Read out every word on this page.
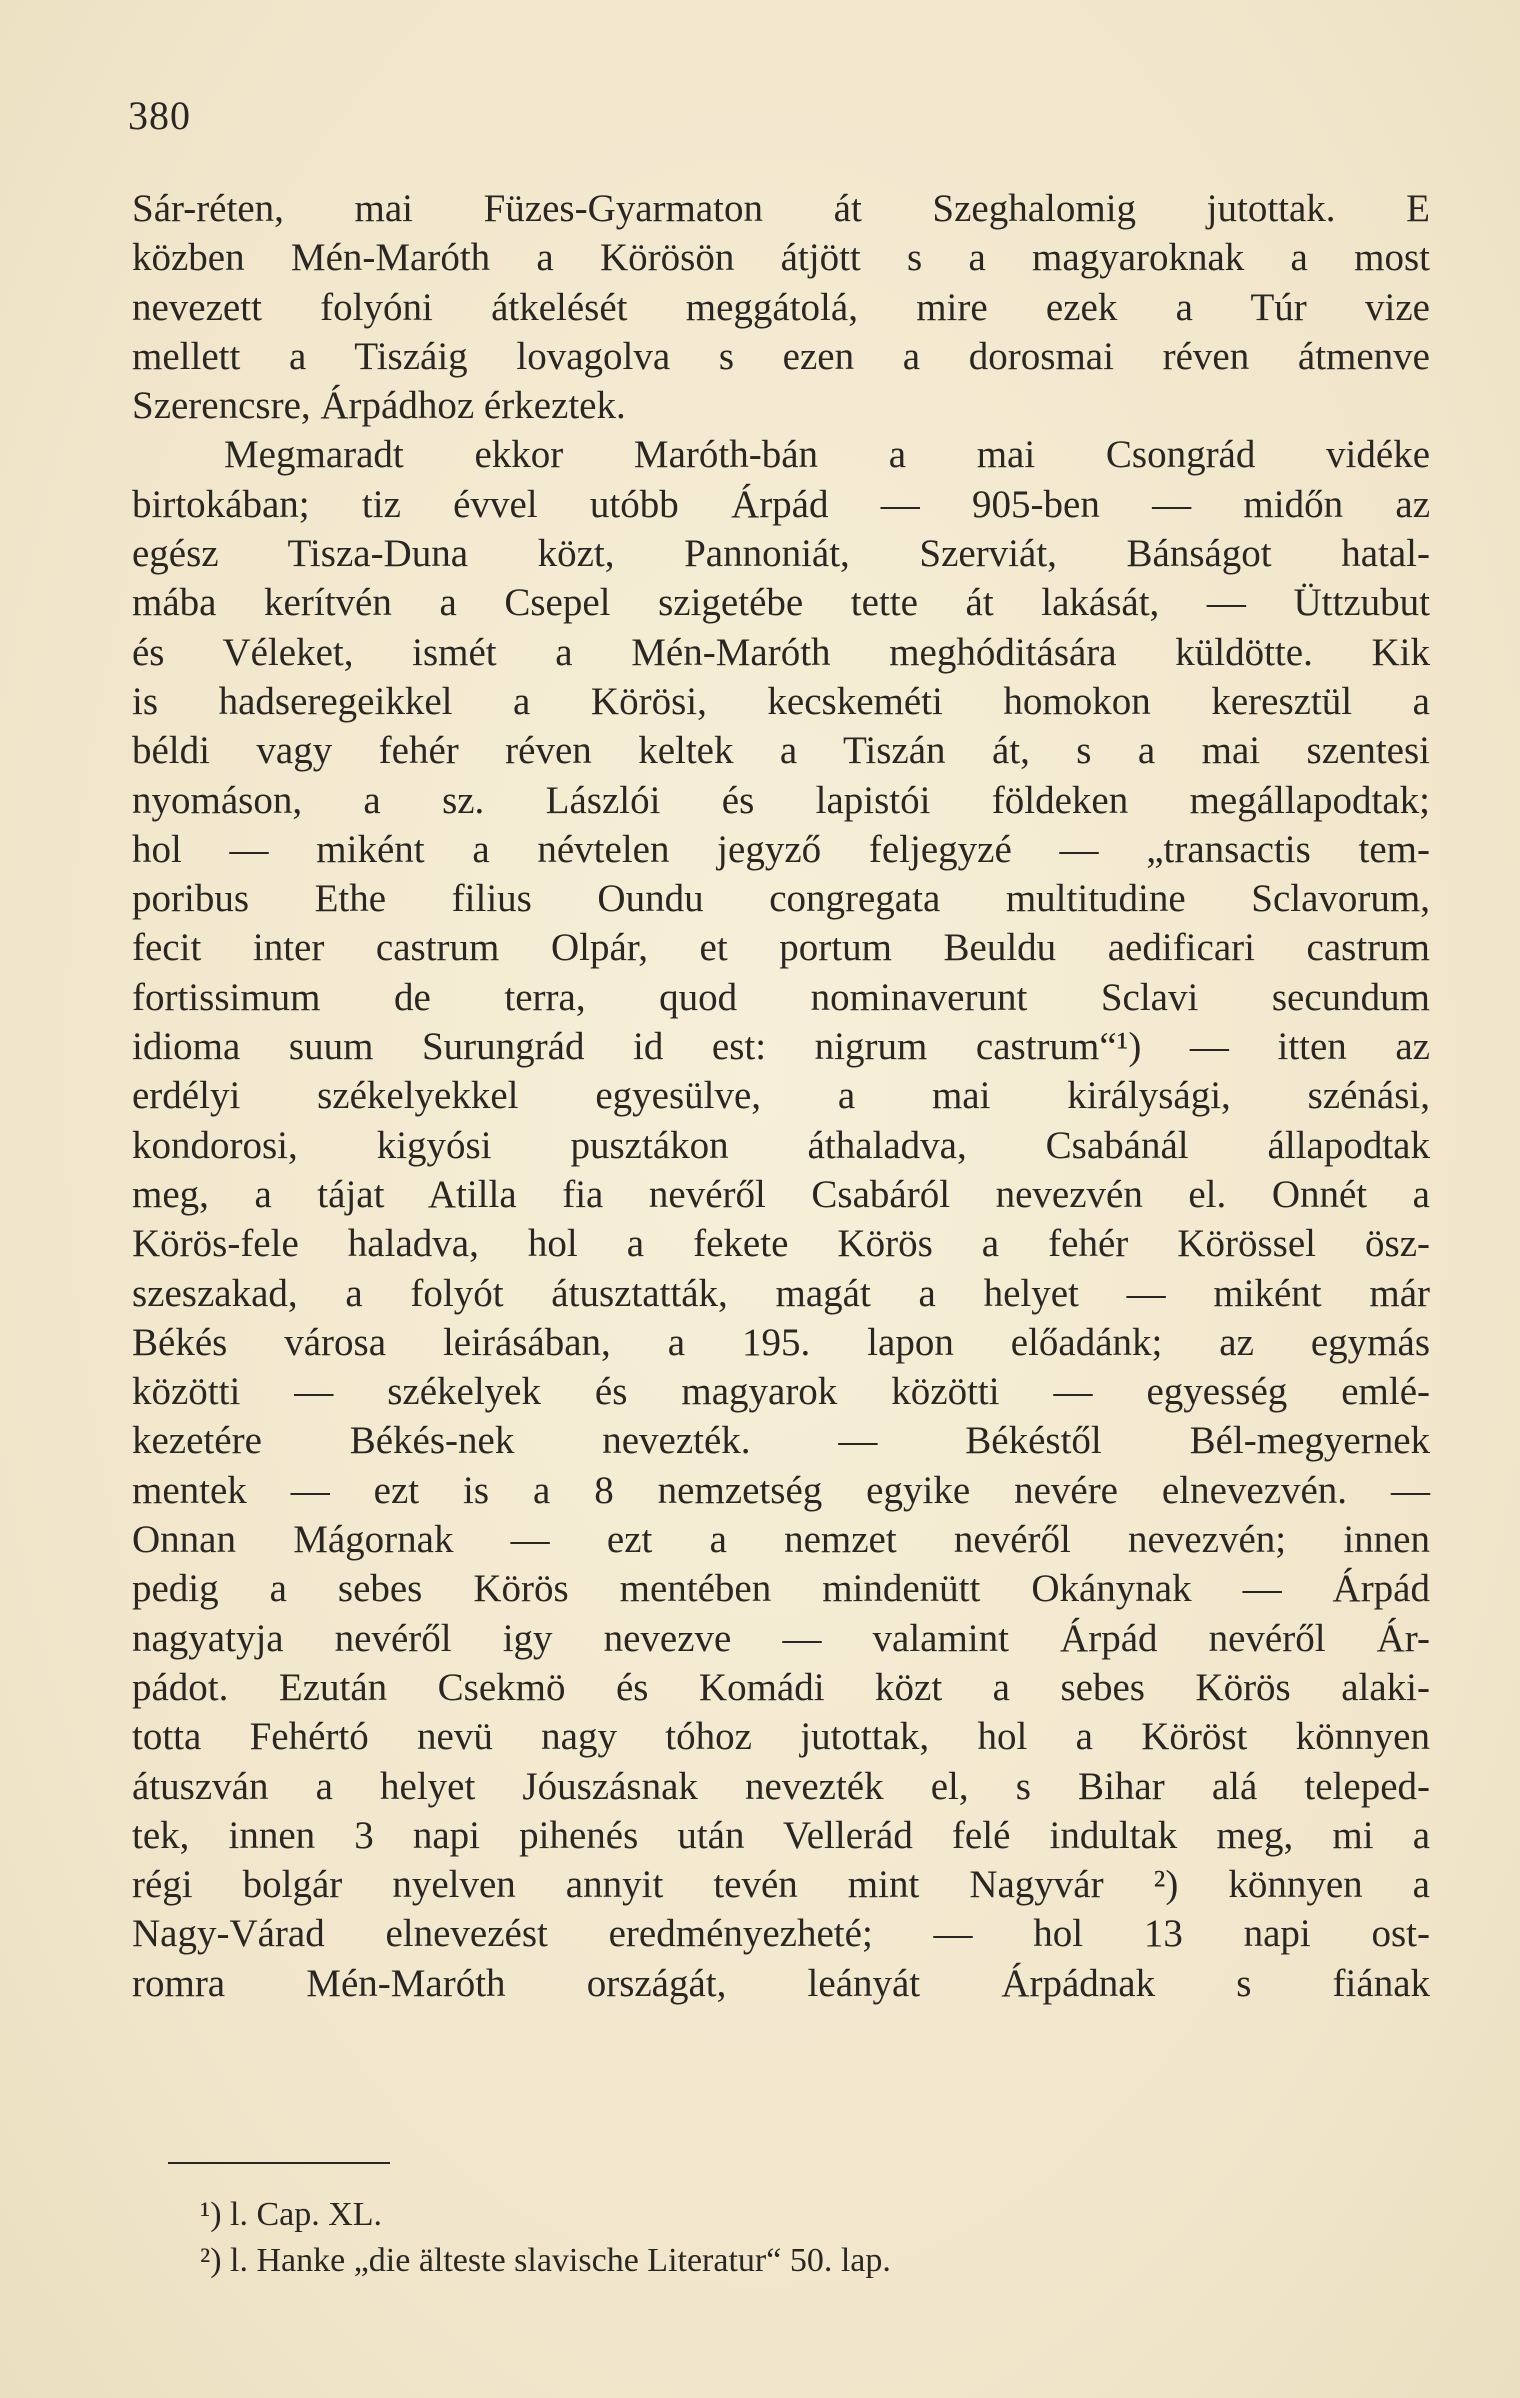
380
Sár-réten, mai Füzes-Gyarmaton át Szeghalomig jutottak. E
közben Mén-Maróth a Körösön átjött s a magyaroknak a most
nevezett folyóni átkelését meggátolá, mire ezek a Túr vize
mellett a Tiszáig lovagolva s ezen a dorosmai réven átmenve
Szerencsre, Árpádhoz érkeztek.
Megmaradt ekkor Maróth-bán a mai Csongrád vidéke
birtokában; tiz évvel utóbb Árpád — 905-ben — midőn az
egész Tisza-Duna közt, Pannoniát, Szerviát, Bánságot hatal-
mába kerítvén a Csepel szigetébe tette át lakását, — Üttzubut
és Véleket, ismét a Mén-Maróth meghóditására küldötte. Kik
is hadseregeikkel a Körösi, kecskeméti homokon keresztül a
béldi vagy fehér réven keltek a Tiszán át, s a mai szentesi
nyomáson, a sz. Lászlói és lapistói földeken megállapodtak;
hol — miként a névtelen jegyző feljegyzé — „transactis tem-
poribus Ethe filius Oundu congregata multitudine Sclavorum,
fecit inter castrum Olpár, et portum Beuldu aedificari castrum
fortissimum de terra, quod nominaverunt Sclavi secundum
idioma suum Surungrád id est: nigrum castrum“¹) — itten az
erdélyi székelyekkel egyesülve, a mai királysági, szénási,
kondorosi, kigyósi pusztákon áthaladva, Csabánál állapodtak
meg, a tájat Atilla fia nevéről Csabáról nevezvén el. Onnét a
Körös-fele haladva, hol a fekete Körös a fehér Körössel ösz-
szeszakad, a folyót átusztatták, magát a helyet — miként már
Békés városa leirásában, a 195. lapon előadánk; az egymás
közötti — székelyek és magyarok közötti — egyesség emlé-
kezetére Békés-nek nevezték. — Békéstől Bél-megyernek
mentek — ezt is a 8 nemzetség egyike nevére elnevezvén. —
Onnan Mágornak — ezt a nemzet nevéről nevezvén; innen
pedig a sebes Körös mentében mindenütt Okánynak — Árpád
nagyatyja nevéről igy nevezve — valamint Árpád nevéről Ár-
pádot. Ezután Csekmö és Komádi közt a sebes Körös alaki-
totta Fehértó nevü nagy tóhoz jutottak, hol a Köröst könnyen
átuszván a helyet Jóuszásnak nevezték el, s Bihar alá teleped-
tek, innen 3 napi pihenés után Vellerád felé indultak meg, mi a
régi bolgár nyelven annyit tevén mint Nagyvár ²) könnyen a
Nagy-Várad elnevezést eredményezheté; — hol 13 napi ost-
romra Mén-Maróth országát, leányát Árpádnak s fiának
¹) l. Cap. XL.
²) l. Hanke „die älteste slavische Literatur“ 50. lap.
